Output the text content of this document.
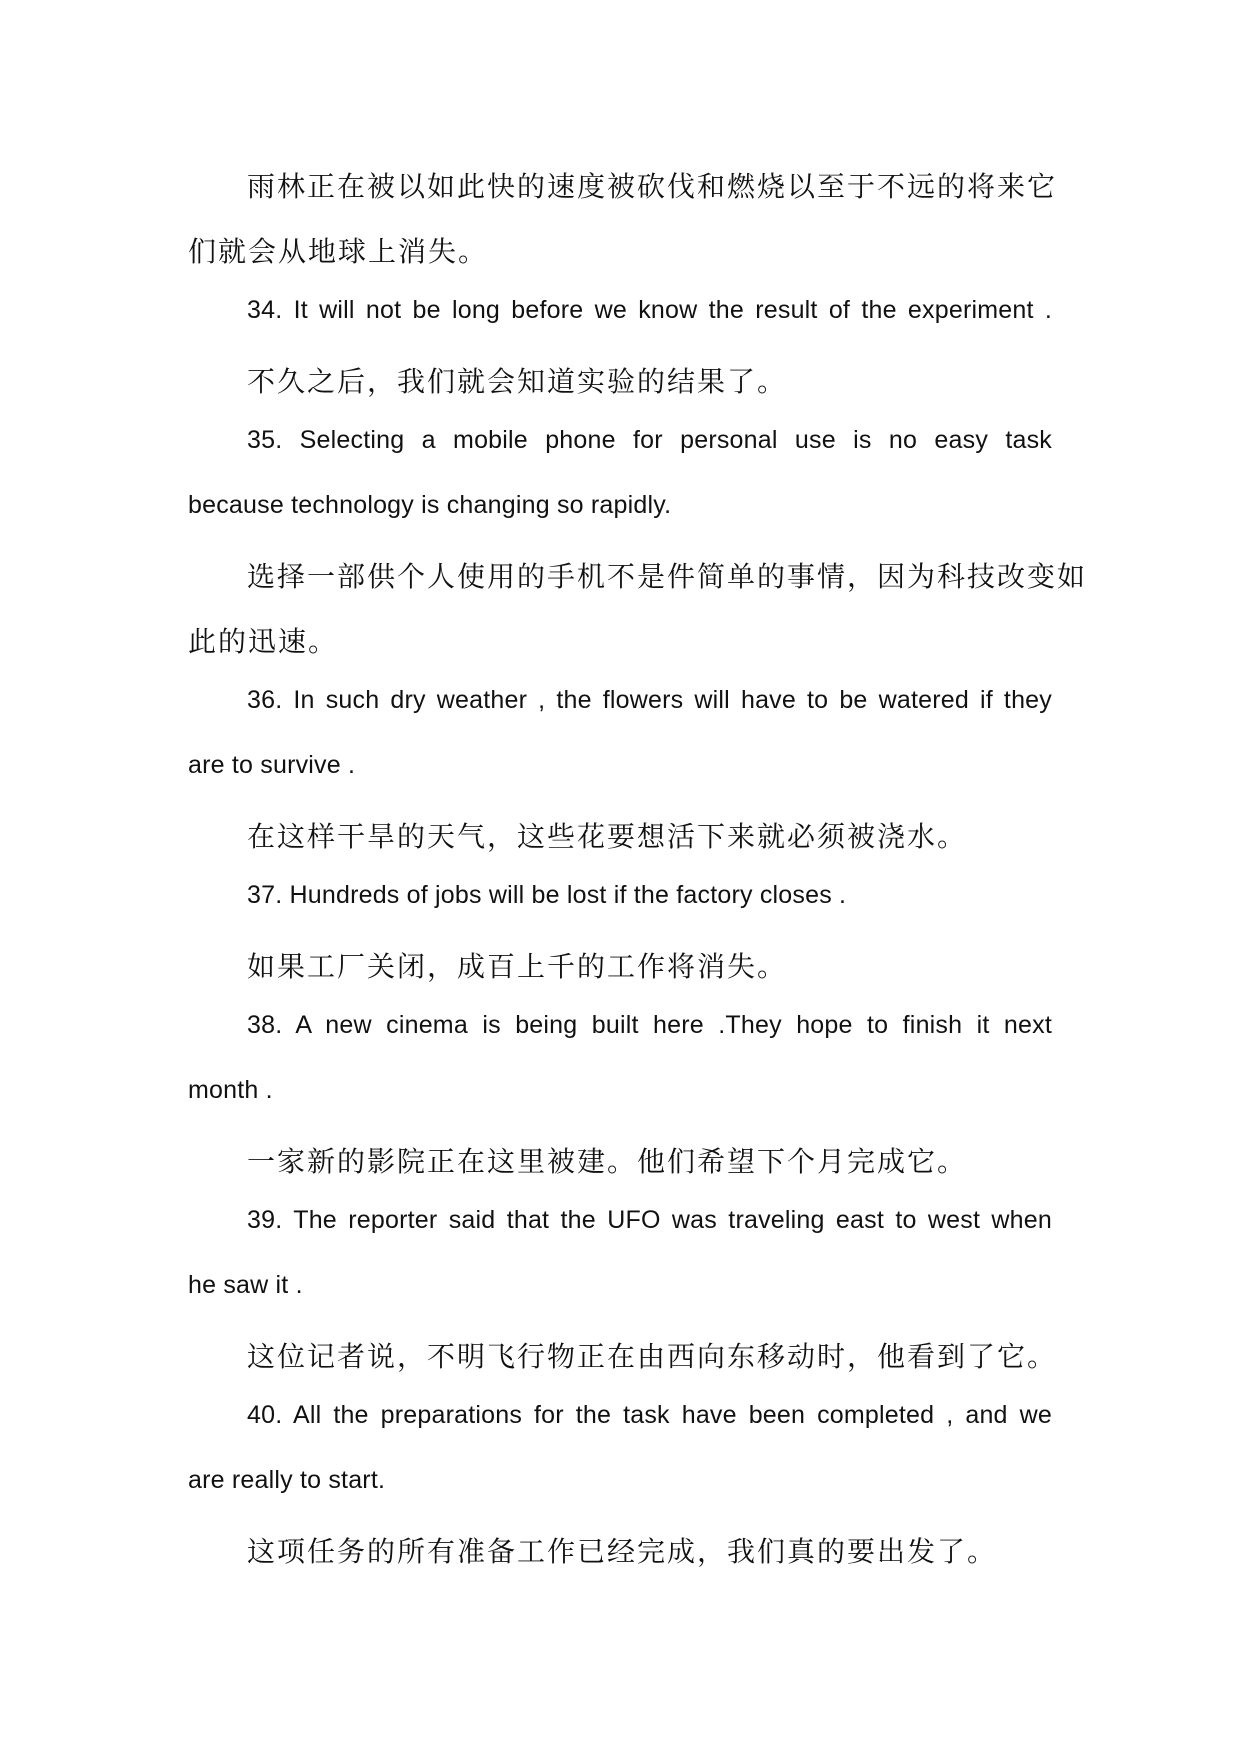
雨林正在被以如此快的速度被砍伐和燃烧以至于不远的将来它
们就会从地球上消失。
34. It will not be long before we know the result of the experiment .
不久之后，我们就会知道实验的结果了。
35. Selecting a mobile phone for personal use is no easy task
because technology is changing so rapidly.
选择一部供个人使用的手机不是件简单的事情，因为科技改变如
此的迅速。
36. In such dry weather , the flowers will have to be watered if they
are to survive .
在这样干旱的天气，这些花要想活下来就必须被浇水。
37. Hundreds of jobs will be lost if the factory closes .
如果工厂关闭，成百上千的工作将消失。
38. A new cinema is being built here .They hope to finish it next
month .
一家新的影院正在这里被建。他们希望下个月完成它。
39. The reporter said that the UFO was traveling east to west when
he saw it .
这位记者说，不明飞行物正在由西向东移动时，他看到了它。
40. All the preparations for the task have been completed , and we
are really to start.
这项任务的所有准备工作已经完成，我们真的要出发了。
